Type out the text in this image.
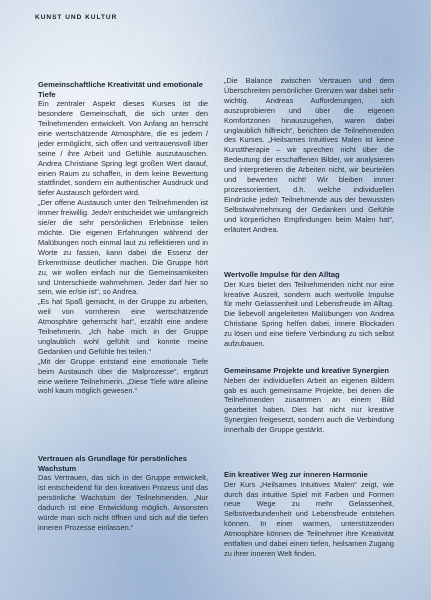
KUNST UND KULTUR

Gemeinschaftliche Kreativität und emotionale Tiefe

Ein zentraler Aspekt dieses Kurses ist die besondere Gemeinschaft, die sich unter den Teilnehmenden entwickelt. Von Anfang an herrscht eine wertschätzende Atmosphäre, die es jedem / jeder ermöglicht, sich offen und vertrauensvoll über seine / ihre Arbeit und Gefühle auszutauschen. Andrea Christiane Spring legt großen Wert darauf, einen Raum zu schaffen, in dem keine Bewertung stattfindet, sondern ein authentischer Ausdruck und tiefer Austausch gefördert wird.

„Der offene Austausch unter den Teilnehmenden ist immer freiwillig. Jede/r entscheidet wie umfangreich sie/er die sehr persönlichen Erlebnisse teilen möchte. Die eigenen Erfahrungen während der Malübungen noch einmal laut zu reflektieren und in Worte zu fassen, kann dabei die Essenz der Erkenntnisse deutlicher machen. Die Gruppe hört zu, wir wollen einfach nur die Gemeinsamkeiten und Unterschiede wahrnehmen. Jeder darf hier so sein, wie er/sie ist“, so Andrea.

„Es hat Spaß gemacht, in der Gruppe zu arbeiten, weil von vornherein eine wertschätzende Atmosphäre geherrscht hat“, erzählt eine andere Teilnehmerin. „Ich habe mich in der Gruppe unglaublich wohl gefühlt und konnte meine Gedanken und Gefühle frei teilen.“

„Mit der Gruppe entstand eine emotionale Tiefe beim Austausch über die Malprozesse“, ergänzt eine weitere Teilnehmerin. „Diese Tiefe wäre alleine wohl kaum möglich gewesen.“

Vertrauen als Grundlage für persönliches Wachstum

Das Vertrauen, das sich in der Gruppe entwickelt, ist entscheidend für den kreativen Prozess und das persönliche Wachstum der Teilnehmenden. „Nur dadurch ist eine Entwicklung möglich. Ansonsten würde man sich nicht öffnen und sich auf die tiefen inneren Prozesse einlassen.“

„Die Balance zwischen Vertrauen und dem Überschreiten persönlicher Grenzen war dabei sehr wichtig. Andreas Aufforderungen, sich auszuprobieren und über die eigenen Komfortzonen hinauszugehen, waren dabei unglaublich hilfreich“, berichten die Teilnehmenden des Kurses. „Heilsames Intuitives Malen ist keine Kunsttherapie – wir sprechen nicht über die Bedeutung der erschaffenen Bilder, wir analysieren und interpretieren die Arbeiten nicht, wir beurteilen und bewerten nicht! Wir bleiben immer prozessorientiert, d.h. welche individuellen Eindrücke jede/r Teilnehmende aus der bewussten Selbstwahrnehmung der Gedanken und Gefühle und körperlichen Empfindungen beim Malen hat“, erläutert Andrea.

Wertvolle Impulse für den Alltag

Der Kurs bietet den Teilnehmenden nicht nur eine kreative Auszeit, sondern auch wertvolle Impulse für mehr Gelassenheit und Lebensfreude im Alltag. Die liebevoll angeleiteten Malübungen von Andrea Christiane Spring helfen dabei, innere Blockaden zu lösen und eine tiefere Verbindung zu sich selbst aufzubauen.

Gemeinsame Projekte und kreative Synergien

Neben der individuellen Arbeit an eigenen Bildern gab es auch gemeinsame Projekte, bei denen die Teilnehmenden zusammen an einem Bild gearbeitet haben. Dies hat nicht nur kreative Synergien freigesetzt, sondern auch die Verbindung innerhalb der Gruppe gestärkt.

Ein kreativer Weg zur inneren Harmonie

Der Kurs „Heilsames Intuitives Malen“ zeigt, wie durch das intuitive Spiel mit Farben und Formen neue Wege zu mehr Gelassenheit, Selbstverbundenheit und Lebensfreude entstehen können. In einer warmen, unterstützenden Atmosphäre können die Teilnehmer ihre Kreativität entfalten und dabei einen tiefen, heilsamen Zugang zu ihrer inneren Welt finden.
